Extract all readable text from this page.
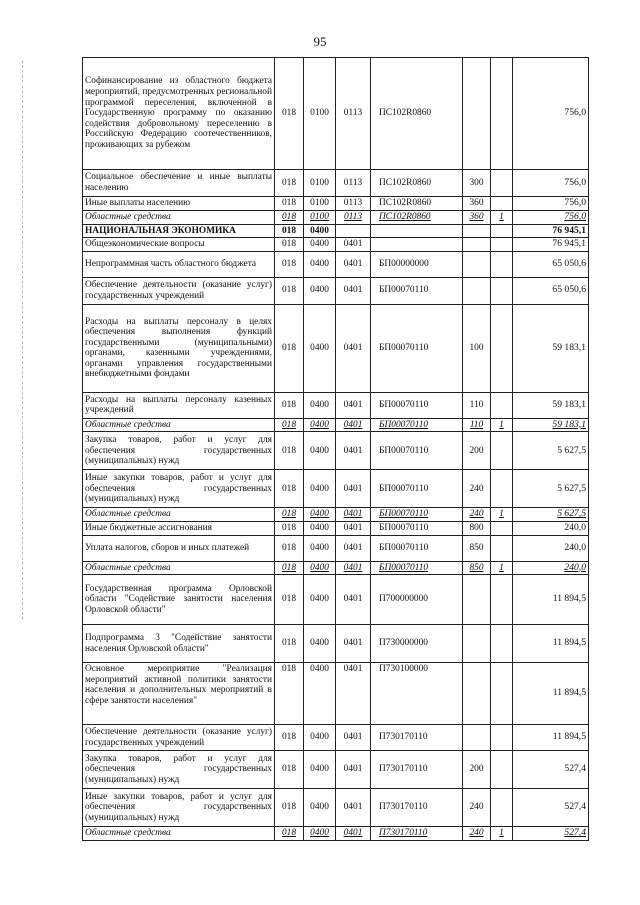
95
Софинансирование из областного бюджета мероприятий, предусмотренных региональной программой переселения, включенной в Государственную программу по оказанию содействия добровольному переселению в Российскую Федерацию соотечественников, проживающих за рубежом	018	0100	0113	ПС102R0860			756,0
Социальное обеспечение и иные выплаты населению	018	0100	0113	ПС102R0860	300		756,0
Иные выплаты населению	018	0100	0113	ПС102R0860	360		756,0
Областные средства	018	0100	0113	ПС102R0860	360	1	756,0
НАЦИОНАЛЬНАЯ ЭКОНОМИКА	018	0400					76 945,1
Общеэкономические вопросы	018	0400	0401				76 945,1
Непрограммная часть областного бюджета	018	0400	0401	БП00000000			65 050,6
Обеспечение деятельности (оказание услуг) государственных учреждений	018	0400	0401	БП00070110			65 050,6
Расходы на выплаты персоналу в целях обеспечения выполнения функций государственными (муниципальными) органами, казенными учреждениями, органами управления государственными внебюджетными фондами	018	0400	0401	БП00070110	100		59 183,1
Расходы на выплаты персоналу казенных учреждений	018	0400	0401	БП00070110	110		59 183,1
Областные средства	018	0400	0401	БП00070110	110	1	59 183,1
Закупка товаров, работ и услуг для обеспечения государственных (муниципальных) нужд	018	0400	0401	БП00070110	200		5 627,5
Иные закупки товаров, работ и услуг для обеспечения государственных (муниципальных) нужд	018	0400	0401	БП00070110	240		5 627,5
Областные средства	018	0400	0401	БП00070110	240	1	5 627,5
Иные бюджетные ассигнования	018	0400	0401	БП00070110	800		240,0
Уплата налогов, сборов и иных платежей	018	0400	0401	БП00070110	850		240,0
Областные средства	018	0400	0401	БП00070110	850	1	240,0
Государственная программа Орловской области "Содействие занятости населения Орловской области"	018	0400	0401	П700000000			11 894,5
Подпрограмма 3 "Содействие занятости населения Орловской области"	018	0400	0401	П730000000			11 894,5
Основное мероприятие "Реализация мероприятий активной политики занятости населения и дополнительных мероприятий в сфере занятости населения"	018	0400	0401	П730100000			11 894,5
Обеспечение деятельности (оказание услуг) государственных учреждений	018	0400	0401	П730170110			11 894,5
Закупка товаров, работ и услуг для обеспечения государственных (муниципальных) нужд	018	0400	0401	П730170110	200		527,4
Иные закупки товаров, работ и услуг для обеспечения государственных (муниципальных) нужд	018	0400	0401	П730170110	240		527,4
Областные средства	018	0400	0401	П730170110	240	1	527,4
